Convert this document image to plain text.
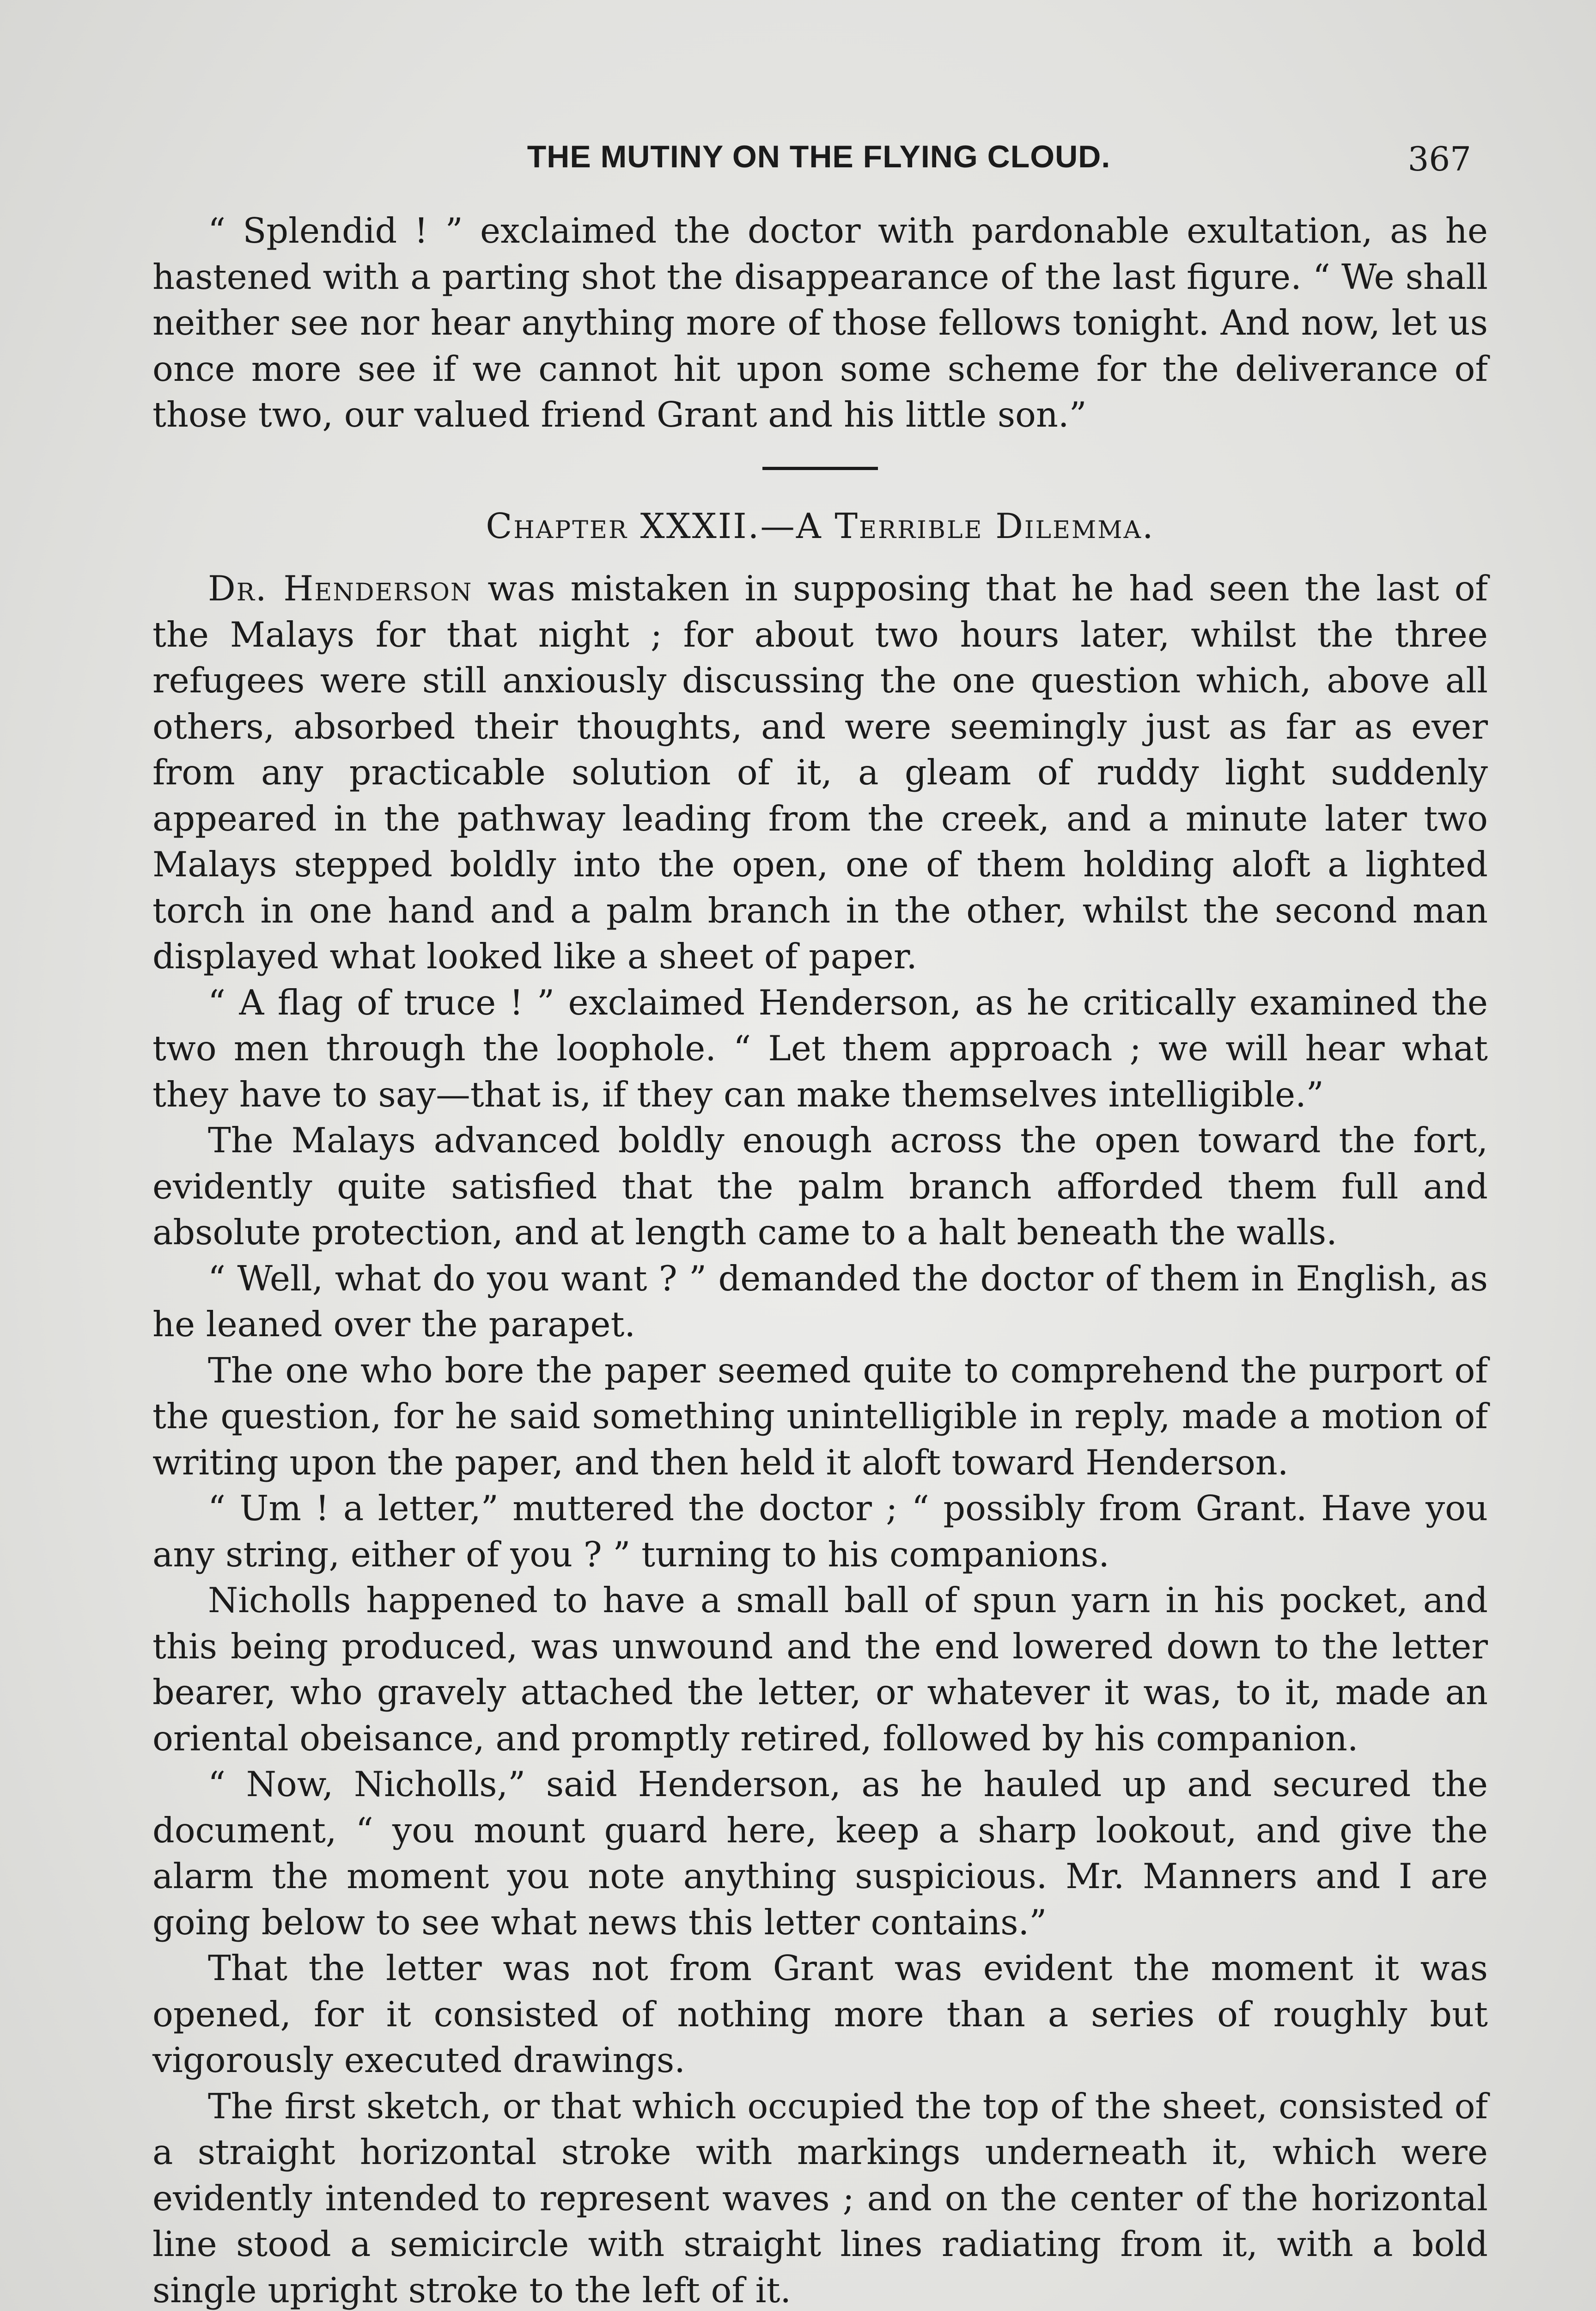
THE MUTINY ON THE FLYING CLOUD.	367

“ Splendid ! ” exclaimed the doctor with pardonable exultation, as he hastened with a parting shot the disappearance of the last figure. “ We shall neither see nor hear anything more of those fellows tonight. And now, let us once more see if we cannot hit upon some scheme for the deliverance of those two, our valued friend Grant and his little son.”

Chapter XXXII.—A Terrible Dilemma.

Dr. Henderson was mistaken in supposing that he had seen the last of the Malays for that night ; for about two hours later, whilst the three refugees were still anxiously discussing the one question which, above all others, absorbed their thoughts, and were seemingly just as far as ever from any practicable solution of it, a gleam of ruddy light suddenly appeared in the pathway leading from the creek, and a minute later two Malays stepped boldly into the open, one of them holding aloft a lighted torch in one hand and a palm branch in the other, whilst the second man displayed what looked like a sheet of paper.

“ A flag of truce ! ” exclaimed Henderson, as he critically examined the two men through the loophole. “ Let them approach ; we will hear what they have to say—that is, if they can make themselves intelligible.”

The Malays advanced boldly enough across the open toward the fort, evidently quite satisfied that the palm branch afforded them full and absolute protection, and at length came to a halt beneath the walls.

“ Well, what do you want ? ” demanded the doctor of them in English, as he leaned over the parapet.

The one who bore the paper seemed quite to comprehend the purport of the question, for he said something unintelligible in reply, made a motion of writing upon the paper, and then held it aloft toward Henderson.

“ Um ! a letter,” muttered the doctor ; “ possibly from Grant. Have you any string, either of you ? ” turning to his companions.

Nicholls happened to have a small ball of spun yarn in his pocket, and this being produced, was unwound and the end lowered down to the letter bearer, who gravely attached the letter, or whatever it was, to it, made an oriental obeisance, and promptly retired, followed by his companion.

“ Now, Nicholls,” said Henderson, as he hauled up and secured the document, “ you mount guard here, keep a sharp lookout, and give the alarm the moment you note anything suspicious. Mr. Manners and I are going below to see what news this letter contains.”

That the letter was not from Grant was evident the moment it was opened, for it consisted of nothing more than a series of roughly but vigorously executed drawings.

The first sketch, or that which occupied the top of the sheet, consisted of a straight horizontal stroke with markings underneath it, which were evidently intended to represent waves ; and on the center of the horizontal line stood a semicircle with straight lines radiating from it, with a bold single upright stroke to the left of it.
